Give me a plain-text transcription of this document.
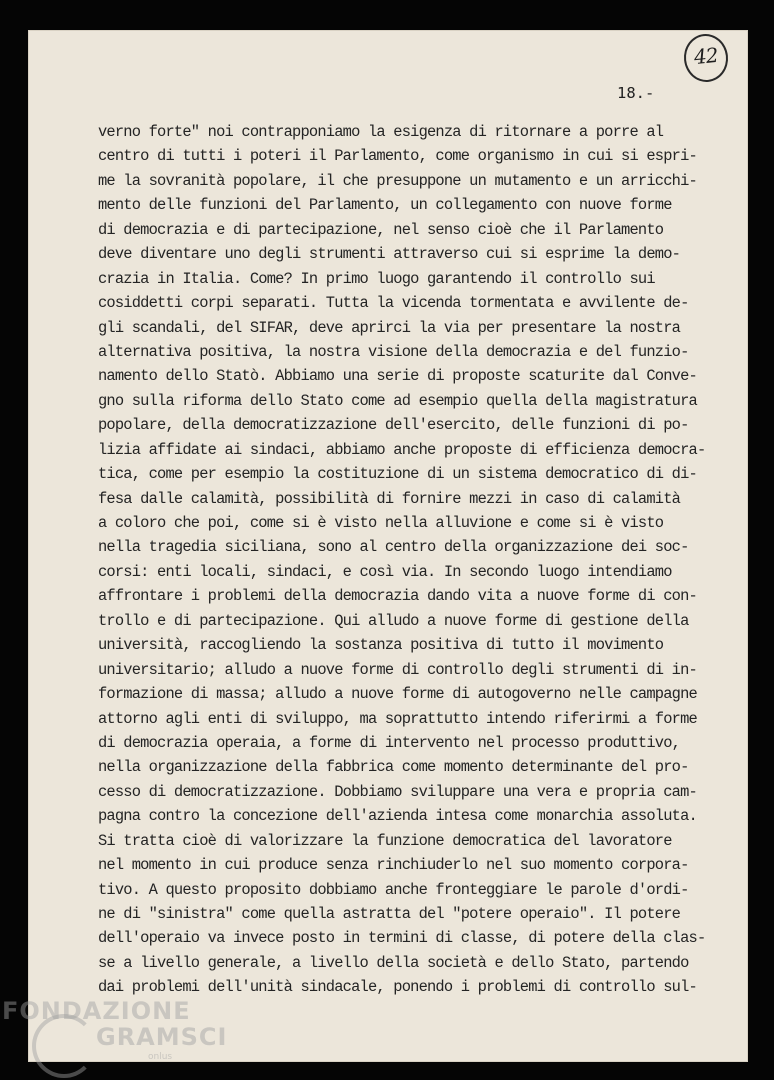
42
18.-
verno forte" noi contrapponiamo la esigenza di ritornare a porre al
centro di tutti i poteri il Parlamento, come organismo in cui si espri-
me la sovranità popolare, il che presuppone un mutamento e un arricchi-
mento delle funzioni del Parlamento, un collegamento con nuove forme
di democrazia e di partecipazione, nel senso cioè che il Parlamento
deve diventare uno degli strumenti attraverso cui si esprime la demo-
crazia in Italia. Come? In primo luogo garantendo il controllo sui
cosiddetti corpi separati. Tutta la vicenda tormentata e avvilente de-
gli scandali, del SIFAR, deve aprirci la via per presentare la nostra
alternativa positiva, la nostra visione della democrazia e del funzio-
namento dello Statò. Abbiamo una serie di proposte scaturite dal Conve-
gno sulla riforma dello Stato come ad esempio quella della magistratura
popolare, della democratizzazione dell'esercito, delle funzioni di po-
lizia affidate ai sindaci, abbiamo anche proposte di efficienza democra-
tica, come per esempio la costituzione di un sistema democratico di di-
fesa dalle calamità, possibilità di fornire mezzi in caso di calamità
a coloro che poi, come si è visto nella alluvione e come si è visto
nella tragedia siciliana, sono al centro della organizzazione dei soc-
corsi: enti locali, sindaci, e così via. In secondo luogo intendiamo
affrontare i problemi della democrazia dando vita a nuove forme di con-
trollo e di partecipazione. Qui alludo a nuove forme di gestione della
università, raccogliendo la sostanza positiva di tutto il movimento
universitario; alludo a nuove forme di controllo degli strumenti di in-
formazione di massa; alludo a nuove forme di autogoverno nelle campagne
attorno agli enti di sviluppo, ma soprattutto intendo riferirmi a forme
di democrazia operaia, a forme di intervento nel processo produttivo,
nella organizzazione della fabbrica come momento determinante del pro-
cesso di democratizzazione. Dobbiamo sviluppare una vera e propria cam-
pagna contro la concezione dell'azienda intesa come monarchia assoluta.
Si tratta cioè di valorizzare la funzione democratica del lavoratore
nel momento in cui produce senza rinchiuderlo nel suo momento corpora-
tivo. A questo proposito dobbiamo anche fronteggiare le parole d'ordi-
ne di "sinistra" come quella astratta del "potere operaio". Il potere
dell'operaio va invece posto in termini di classe, di potere della clas-
se a livello generale, a livello della società e dello Stato, partendo
dai problemi dell'unità sindacale, ponendo i problemi di controllo sul-
FONDAZIONE
GRAMSCI
onlus
